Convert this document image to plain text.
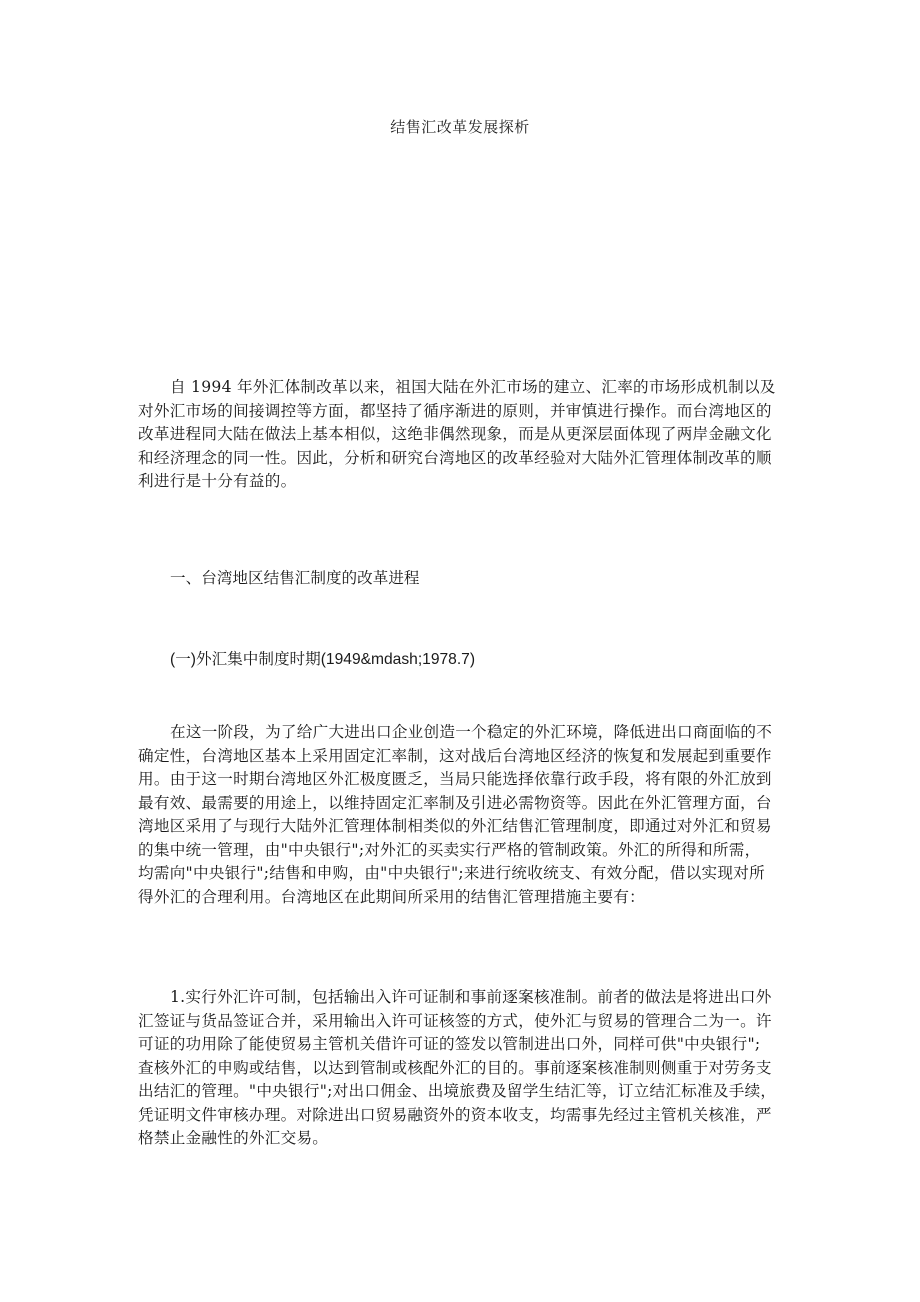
结售汇改革发展探析
自 1994 年外汇体制改革以来，祖国大陆在外汇市场的建立、汇率的市场形成机制以及
对外汇市场的间接调控等方面，都坚持了循序渐进的原则，并审慎进行操作。而台湾地区的
改革进程同大陆在做法上基本相似，这绝非偶然现象，而是从更深层面体现了两岸金融文化
和经济理念的同一性。因此，分析和研究台湾地区的改革经验对大陆外汇管理体制改革的顺
利进行是十分有益的。
一、台湾地区结售汇制度的改革进程
(一)外汇集中制度时期(1949&mdash;1978.7)
在这一阶段，为了给广大进出口企业创造一个稳定的外汇环境，降低进出口商面临的不
确定性，台湾地区基本上采用固定汇率制，这对战后台湾地区经济的恢复和发展起到重要作
用。由于这一时期台湾地区外汇极度匮乏，当局只能选择依靠行政手段，将有限的外汇放到
最有效、最需要的用途上，以维持固定汇率制及引进必需物资等。因此在外汇管理方面，台
湾地区采用了与现行大陆外汇管理体制相类似的外汇结售汇管理制度，即通过对外汇和贸易
的集中统一管理，由"中央银行";对外汇的买卖实行严格的管制政策。外汇的所得和所需，
均需向"中央银行";结售和申购，由"中央银行";来进行统收统支、有效分配，借以实现对所
得外汇的合理利用。台湾地区在此期间所采用的结售汇管理措施主要有：
1.实行外汇许可制，包括输出入许可证制和事前逐案核准制。前者的做法是将进出口外
汇签证与货品签证合并，采用输出入许可证核签的方式，使外汇与贸易的管理合二为一。许
可证的功用除了能使贸易主管机关借许可证的签发以管制进出口外，同样可供"中央银行";
查核外汇的申购或结售，以达到管制或核配外汇的目的。事前逐案核准制则侧重于对劳务支
出结汇的管理。"中央银行";对出口佣金、出境旅费及留学生结汇等，订立结汇标准及手续，
凭证明文件审核办理。对除进出口贸易融资外的资本收支，均需事先经过主管机关核准，严
格禁止金融性的外汇交易。
